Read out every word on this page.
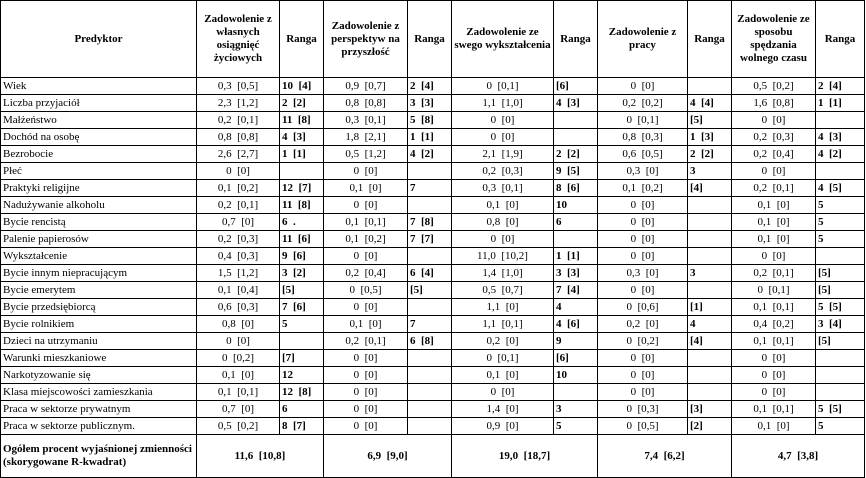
Predyktor	Zadowolenie z własnych osiągnięć życiowych	Ranga	Zadowolenie z perspektyw na przyszłość	Ranga	Zadowolenie ze swego wykształcenia	Ranga	Zadowolenie z pracy	Ranga	Zadowolenie ze sposobu spędzania wolnego czasu	Ranga
Wiek	0,3  [0,5]	10  [4]	0,9  [0,7]	2  [4]	0  [0,1]	[6]	0  [0]		0,5  [0,2]	2  [4]
Liczba przyjaciół	2,3  [1,2]	2  [2]	0,8  [0,8]	3  [3]	1,1  [1,0]	4  [3]	0,2  [0,2]	4  [4]	1,6  [0,8]	1  [1]
Małżeństwo	0,2  [0,1]	11  [8]	0,3  [0,1]	5  [8]	0  [0]		0  [0,1]	[5]	0  [0]	
Dochód na osobę	0,8  [0,8]	4  [3]	1,8  [2,1]	1  [1]	0  [0]		0,8  [0,3]	1  [3]	0,2  [0,3]	4  [3]
Bezrobocie	2,6  [2,7]	1  [1]	0,5  [1,2]	4  [2]	2,1  [1,9]	2  [2]	0,6  [0,5]	2  [2]	0,2  [0,4]	4  [2]
Płeć	0  [0]		0  [0]		0,2  [0,3]	9  [5]	0,3  [0]	3	0  [0]	
Praktyki religijne	0,1  [0,2]	12  [7]	0,1  [0]	7	0,3  [0,1]	8  [6]	0,1  [0,2]	[4]	0,2  [0,1]	4  [5]
Nadużywanie alkoholu	0,2  [0,1]	11  [8]	0  [0]		0,1  [0]	10	0  [0]		0,1  [0]	5
Bycie rencistą	0,7  [0]	6  .	0,1  [0,1]	7  [8]	0,8  [0]	6	0  [0]		0,1  [0]	5
Palenie papierosów	0,2  [0,3]	11  [6]	0,1  [0,2]	7  [7]	0  [0]		0  [0]		0,1  [0]	5
Wykształcenie	0,4  [0,3]	9  [6]	0  [0]		11,0  [10,2]	1  [1]	0  [0]		0  [0]	
Bycie innym niepracującym	1,5  [1,2]	3  [2]	0,2  [0,4]	6  [4]	1,4  [1,0]	3  [3]	0,3  [0]	3	0,2  [0,1]	[5]
Bycie emerytem	0,1  [0,4]	[5]	0  [0,5]	[5]	0,5  [0,7]	7  [4]	0  [0]		0  [0,1]	[5]
Bycie przedsiębiorcą	0,6  [0,3]	7  [6]	0  [0]		1,1  [0]	4	0  [0,6]	[1]	0,1  [0,1]	5  [5]
Bycie rolnikiem	0,8  [0]	5	0,1  [0]	7	1,1  [0,1]	4  [6]	0,2  [0]	4	0,4  [0,2]	3  [4]
Dzieci na utrzymaniu	0  [0]		0,2  [0,1]	6  [8]	0,2  [0]	9	0  [0,2]	[4]	0,1  [0,1]	[5]
Warunki mieszkaniowe	0  [0,2]	[7]	0  [0]		0  [0,1]	[6]	0  [0]		0  [0]	
Narkotyzowanie się	0,1  [0]	12	0  [0]		0,1  [0]	10	0  [0]		0  [0]	
Klasa miejscowości zamieszkania	0,1  [0,1]	12  [8]	0  [0]		0  [0]		0  [0]		0  [0]	
Praca w sektorze prywatnym	0,7  [0]	6	0  [0]		1,4  [0]	3	0  [0,3]	[3]	0,1  [0,1]	5  [5]
Praca w sektorze publicznym.	0,5  [0,2]	8  [7]	0  [0]		0,9  [0]	5	0  [0,5]	[2]	0,1  [0]	5
Ogółem procent wyjaśnionej zmienności (skorygowane R-kwadrat)	11,6  [10,8]		6,9  [9,0]		19,0  [18,7]		7,4  [6,2]		4,7  [3,8]	
